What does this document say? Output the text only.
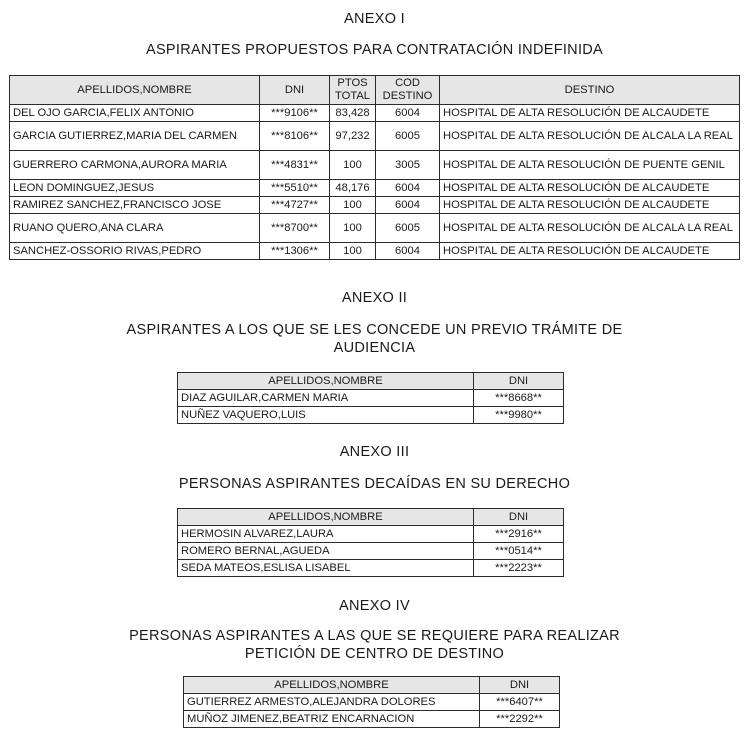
ANEXO I
ASPIRANTES PROPUESTOS PARA CONTRATACIÓN INDEFINIDA
APELLIDOS,NOMBRE	DNI	PTOS TOTAL	COD DESTINO	DESTINO
DEL OJO GARCIA,FELIX ANTONIO	***9106**	83,428	6004	HOSPITAL DE ALTA RESOLUCIÓN DE ALCAUDETE
GARCIA GUTIERREZ,MARIA DEL CARMEN	***8106**	97,232	6005	HOSPITAL DE ALTA RESOLUCIÓN DE ALCALA LA REAL
GUERRERO CARMONA,AURORA MARIA	***4831**	100	3005	HOSPITAL DE ALTA RESOLUCIÓN DE PUENTE GENIL
LEON DOMINGUEZ,JESUS	***5510**	48,176	6004	HOSPITAL DE ALTA RESOLUCIÓN DE ALCAUDETE
RAMIREZ SANCHEZ,FRANCISCO JOSE	***4727**	100	6004	HOSPITAL DE ALTA RESOLUCIÓN DE ALCAUDETE
RUANO QUERO,ANA CLARA	***8700**	100	6005	HOSPITAL DE ALTA RESOLUCIÓN DE ALCALA LA REAL
SANCHEZ-OSSORIO RIVAS,PEDRO	***1306**	100	6004	HOSPITAL DE ALTA RESOLUCIÓN DE ALCAUDETE
ANEXO II
ASPIRANTES A LOS QUE SE LES CONCEDE UN PREVIO TRÁMITE DE
AUDIENCIA
APELLIDOS,NOMBRE	DNI
DIAZ AGUILAR,CARMEN MARIA	***8668**
NUÑEZ VAQUERO,LUIS	***9980**
ANEXO III
PERSONAS ASPIRANTES DECAÍDAS EN SU DERECHO
APELLIDOS,NOMBRE	DNI
HERMOSIN ALVAREZ,LAURA	***2916**
ROMERO BERNAL,AGUEDA	***0514**
SEDA MATEOS,ESLISA LISABEL	***2223**
ANEXO IV
PERSONAS ASPIRANTES A LAS QUE SE REQUIERE PARA REALIZAR
PETICIÓN DE CENTRO DE DESTINO
APELLIDOS,NOMBRE	DNI
GUTIERREZ ARMESTO,ALEJANDRA DOLORES	***6407**
MUÑOZ JIMENEZ,BEATRIZ ENCARNACION	***2292**
